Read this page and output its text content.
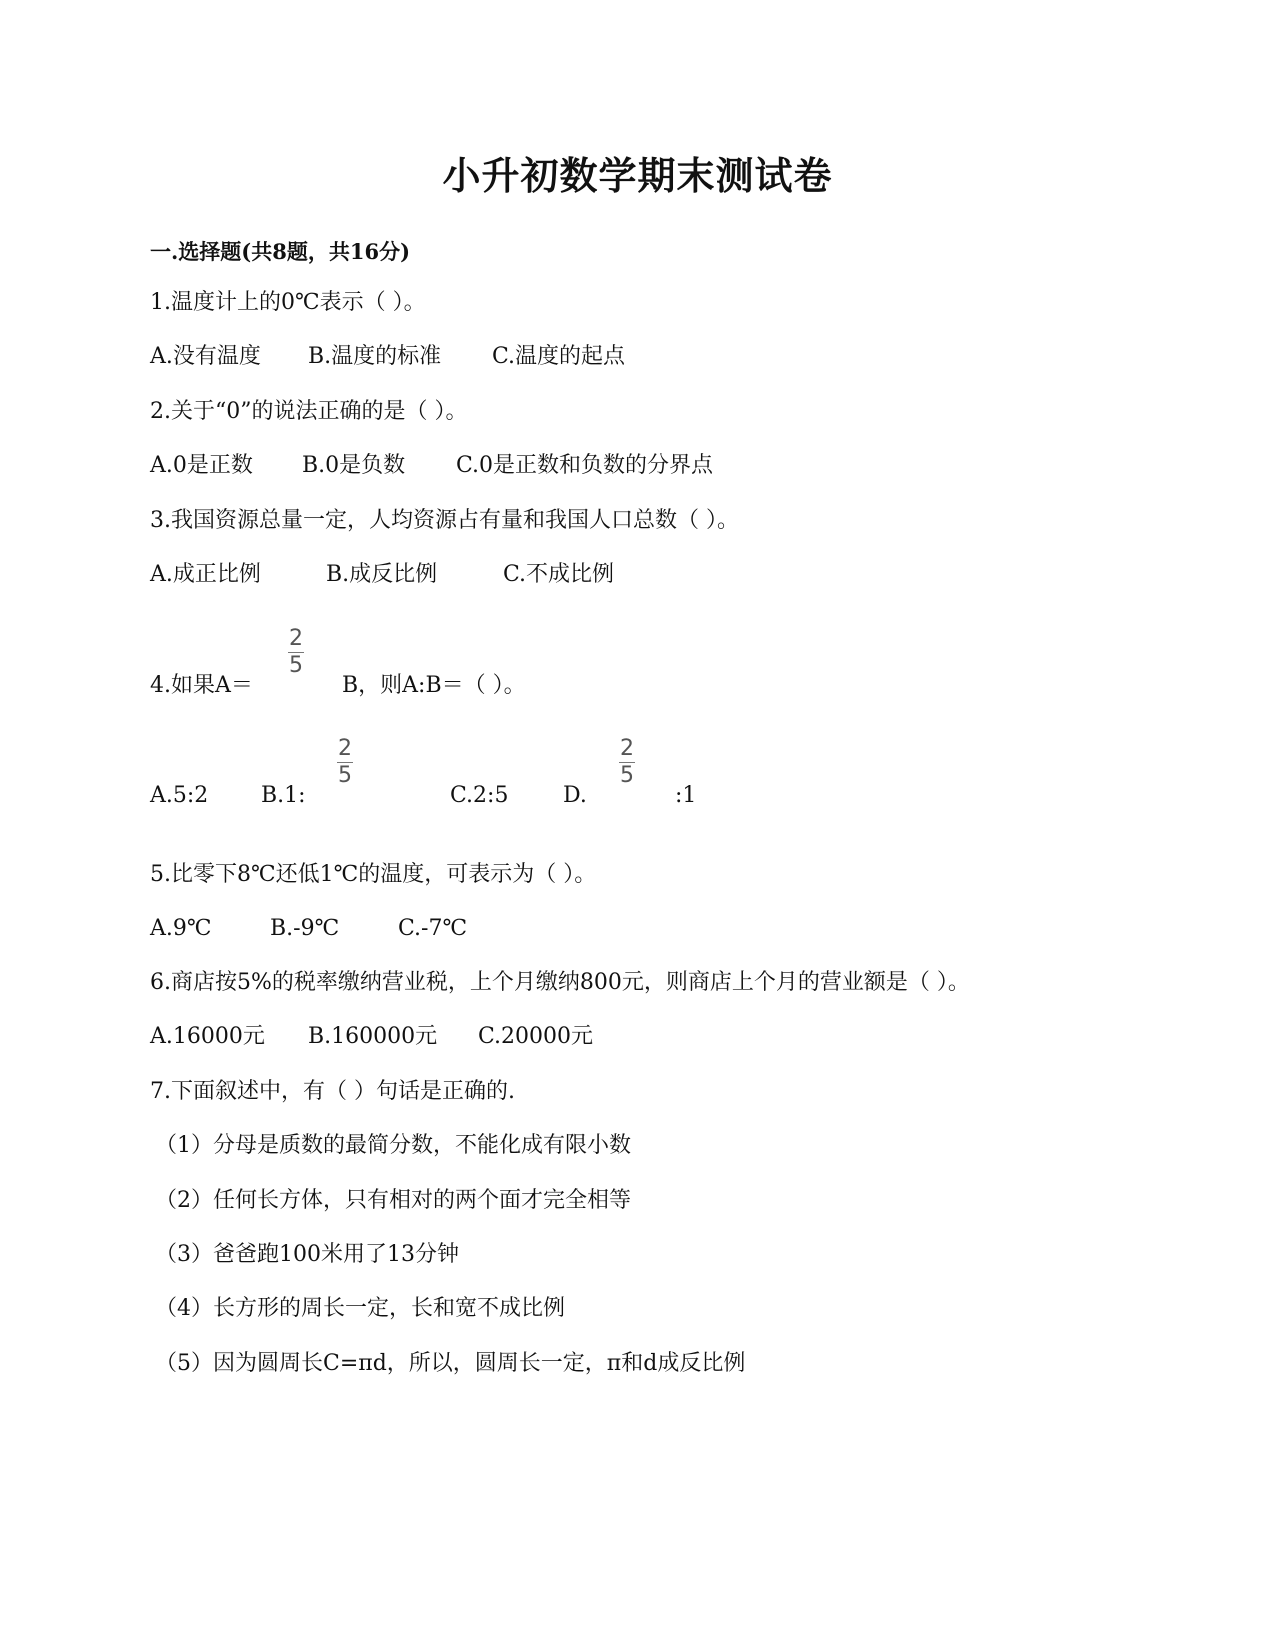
小升初数学期末测试卷
一.选择题(共8题，共16分)
1.温度计上的0℃表示（ ）。
A.没有温度 B.温度的标准 C.温度的起点
2.关于“0”的说法正确的是（ ）。
A.0是正数 B.0是负数 C.0是正数和负数的分界点
3.我国资源总量一定，人均资源占有量和我国人口总数（ ）。
A.成正比例	B.成反比例	C.不成比例
4.如果A＝
2
5
B，则A:B＝（ ）。
A.5:2 B.1:
2
5
C.2:5 D.
2
5
:1
5.比零下8℃还低1℃的温度，可表示为（ ）。
A.9℃	B.-9℃	C.-7℃
6.商店按5%的税率缴纳营业税，上个月缴纳800元，则商店上个月的营业额是（ ）。
A.16000元 B.160000元 C.20000元
7.下面叙述中，有（ ）句话是正确的.
（1）分母是质数的最简分数，不能化成有限小数
（2）任何长方体，只有相对的两个面才完全相等
（3）爸爸跑100米用了13分钟
（4）长方形的周长一定，长和宽不成比例
（5）因为圆周长C=πd，所以，圆周长一定，π和d成反比例
